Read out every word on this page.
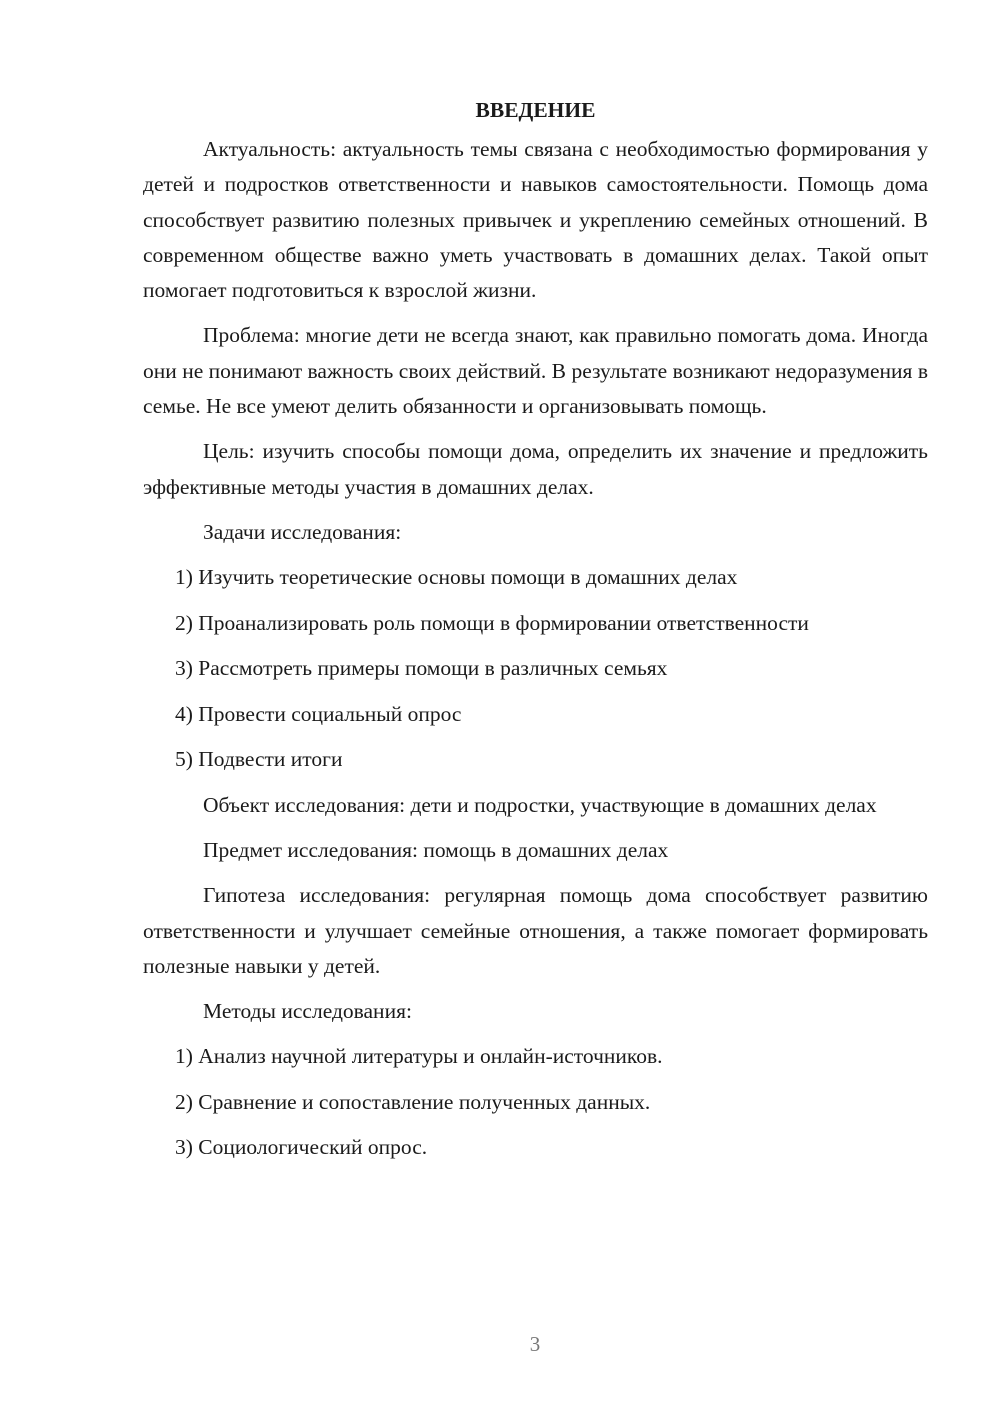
ВВЕДЕНИЕ

Актуальность: актуальность темы связана с необходимостью формирования у детей и подростков ответственности и навыков самостоятельности. Помощь дома способствует развитию полезных привычек и укреплению семейных отношений. В современном обществе важно уметь участвовать в домашних делах. Такой опыт помогает подготовиться к взрослой жизни.

Проблема: многие дети не всегда знают, как правильно помогать дома. Иногда они не понимают важность своих действий. В результате возникают недоразумения в семье. Не все умеют делить обязанности и организовывать помощь.

Цель: изучить способы помощи дома, определить их значение и предложить эффективные методы участия в домашних делах.

Задачи исследования:

1) Изучить теоретические основы помощи в домашних делах

2) Проанализировать роль помощи в формировании ответственности

3) Рассмотреть примеры помощи в различных семьях

4) Провести социальный опрос

5) Подвести итоги

Объект исследования: дети и подростки, участвующие в домашних делах

Предмет исследования: помощь в домашних делах

Гипотеза исследования: регулярная помощь дома способствует развитию ответственности и улучшает семейные отношения, а также помогает формировать полезные навыки у детей.

Методы исследования:

1) Анализ научной литературы и онлайн-источников.

2) Сравнение и сопоставление полученных данных.

3) Социологический опрос.

3
